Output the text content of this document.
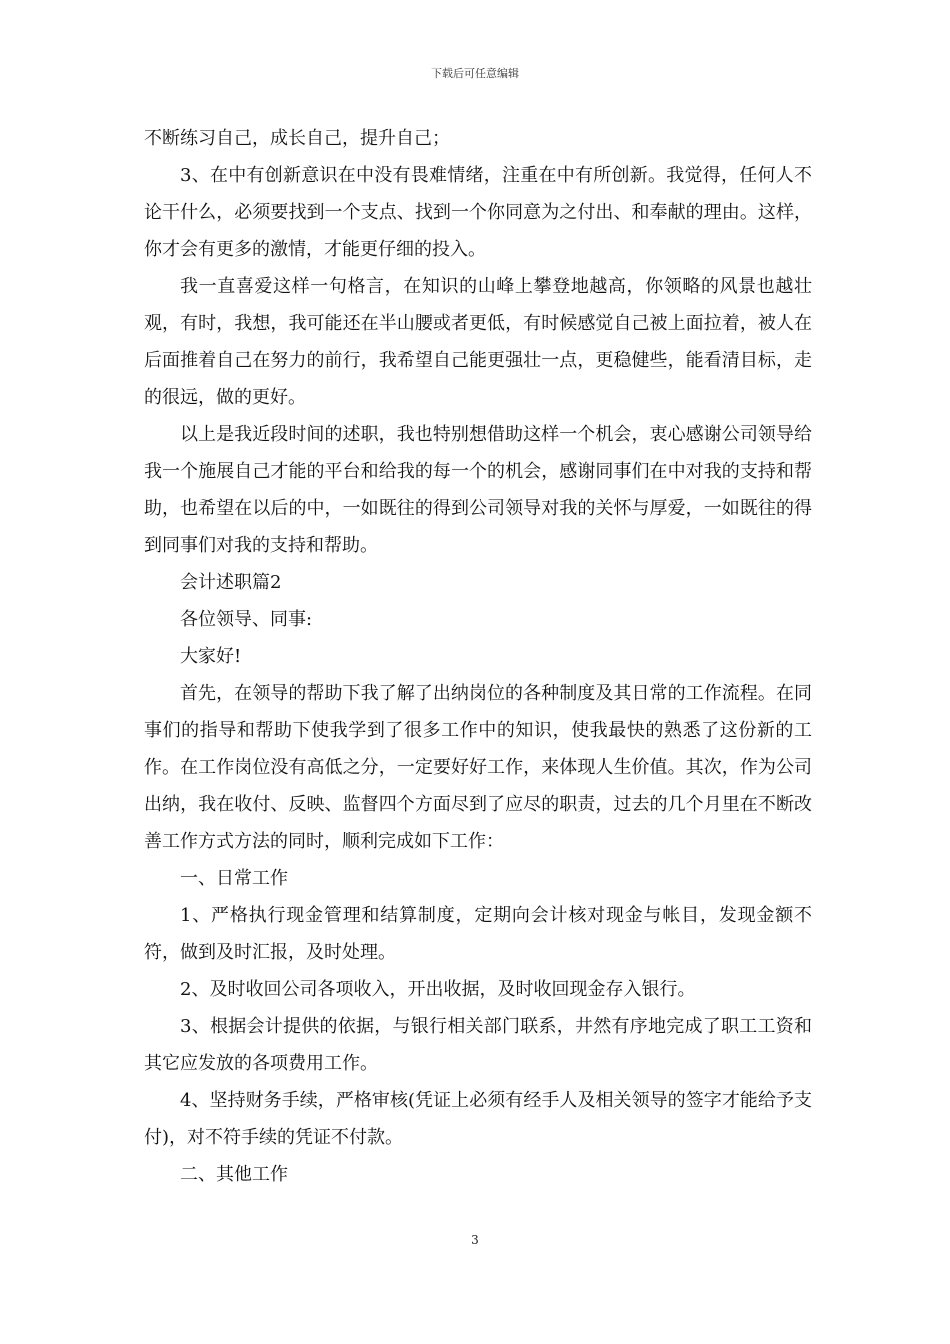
下载后可任意编辑

不断练习自己，成长自己，提升自己；

3、在中有创新意识在中没有畏难情绪，注重在中有所创新。我觉得，任何人不论干什么，必须要找到一个支点、找到一个你同意为之付出、和奉献的理由。这样，你才会有更多的激情，才能更仔细的投入。

我一直喜爱这样一句格言，在知识的山峰上攀登地越高，你领略的风景也越壮观，有时，我想，我可能还在半山腰或者更低，有时候感觉自己被上面拉着，被人在后面推着自己在努力的前行，我希望自己能更强壮一点，更稳健些，能看清目标，走的很远，做的更好。

以上是我近段时间的述职，我也特别想借助这样一个机会，衷心感谢公司领导给我一个施展自己才能的平台和给我的每一个的机会，感谢同事们在中对我的支持和帮助，也希望在以后的中，一如既往的得到公司领导对我的关怀与厚爱，一如既往的得到同事们对我的支持和帮助。

会计述职篇2

各位领导、同事:

大家好!

首先，在领导的帮助下我了解了出纳岗位的各种制度及其日常的工作流程。在同事们的指导和帮助下使我学到了很多工作中的知识，使我最快的熟悉了这份新的工作。在工作岗位没有高低之分，一定要好好工作，来体现人生价值。其次，作为公司出纳，我在收付、反映、监督四个方面尽到了应尽的职责，过去的几个月里在不断改善工作方式方法的同时，顺利完成如下工作：

一、日常工作

1、严格执行现金管理和结算制度，定期向会计核对现金与帐目，发现金额不符，做到及时汇报，及时处理。

2、及时收回公司各项收入，开出收据，及时收回现金存入银行。

3、根据会计提供的依据，与银行相关部门联系，井然有序地完成了职工工资和其它应发放的各项费用工作。

4、坚持财务手续，严格审核(凭证上必须有经手人及相关领导的签字才能给予支付)，对不符手续的凭证不付款。

二、其他工作

3
